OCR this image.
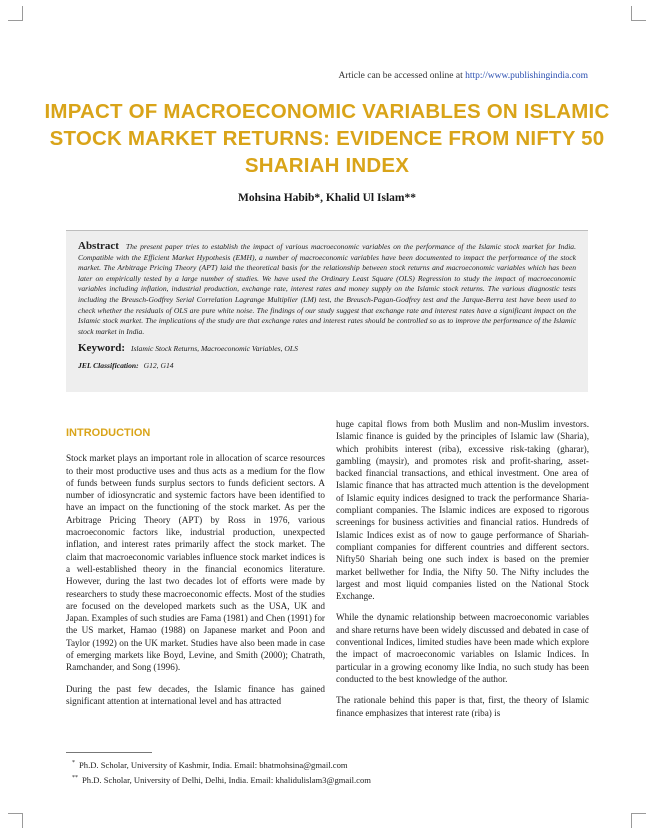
Article can be accessed online at http://www.publishingindia.com
IMPACT OF MACROECONOMIC VARIABLES ON ISLAMIC STOCK MARKET RETURNS: EVIDENCE FROM NIFTY 50 SHARIAH INDEX
Mohsina Habib*, Khalid Ul Islam**
Abstract The present paper tries to establish the impact of various macroeconomic variables on the performance of the Islamic stock market for India. Compatible with the Efficient Market Hypothesis (EMH), a number of macroeconomic variables have been documented to impact the performance of the stock market. The Arbitrage Pricing Theory (APT) laid the theoretical basis for the relationship between stock returns and macroeconomic variables which has been later on empirically tested by a large number of studies. We have used the Ordinary Least Square (OLS) Regression to study the impact of macroeconomic variables including inflation, industrial production, exchange rate, interest rates and money supply on the Islamic stock returns. The various diagnostic tests including the Breusch-Godfrey Serial Correlation Lagrange Multiplier (LM) test, the Breusch-Pagan-Godfrey test and the Jarque-Berra test have been used to check whether the residuals of OLS are pure white noise. The findings of our study suggest that exchange rate and interest rates have a significant impact on the Islamic stock market. The implications of the study are that exchange rates and interest rates should be controlled so as to improve the performance of the Islamic stock market in India.
Keyword: Islamic Stock Returns, Macroeconomic Variables, OLS
JEL Classification: G12, G14
INTRODUCTION

Stock market plays an important role in allocation of scarce resources to their most productive uses and thus acts as a medium for the flow of funds between funds surplus sectors to funds deficient sectors. A number of idiosyncratic and systemic factors have been identified to have an impact on the functioning of the stock market. As per the Arbitrage Pricing Theory (APT) by Ross in 1976, various macroeconomic factors like, industrial production, unexpected inflation, and interest rates primarily affect the stock market. The claim that macroeconomic variables influence stock market indices is a well-established theory in the financial economics literature. However, during the last two decades lot of efforts were made by researchers to study these macroeconomic effects. Most of the studies are focused on the developed markets such as the USA, UK and Japan. Examples of such studies are Fama (1981) and Chen (1991) for the US market, Hamao (1988) on Japanese market and Poon and Taylor (1992) on the UK market. Studies have also been made in case of emerging markets like Boyd, Levine, and Smith (2000); Chatrath, Ramchander, and Song (1996).

During the past few decades, the Islamic finance has gained significant attention at international level and has attracted

huge capital flows from both Muslim and non-Muslim investors. Islamic finance is guided by the principles of Islamic law (Sharia), which prohibits interest (riba), excessive risk-taking (gharar), gambling (maysir), and promotes risk and profit-sharing, asset-backed financial transactions, and ethical investment. One area of Islamic finance that has attracted much attention is the development of Islamic equity indices designed to track the performance Sharia-compliant companies. The Islamic indices are exposed to rigorous screenings for business activities and financial ratios. Hundreds of Islamic Indices exist as of now to gauge performance of Shariah-compliant companies for different countries and different sectors. Nifty50 Shariah being one such index is based on the premier market bellwether for India, the Nifty 50. The Nifty includes the largest and most liquid companies listed on the National Stock Exchange.

While the dynamic relationship between macroeconomic variables and share returns have been widely discussed and debated in case of conventional Indices, limited studies have been made which explore the impact of macroeconomic variables on Islamic Indices. In particular in a growing economy like India, no such study has been conducted to the best knowledge of the author.

The rationale behind this paper is that, first, the theory of Islamic finance emphasizes that interest rate (riba) is

* Ph.D. Scholar, University of Kashmir, India. Email: bhatmohsina@gmail.com
** Ph.D. Scholar, University of Delhi, Delhi, India. Email: khalidulislam3@gmail.com
